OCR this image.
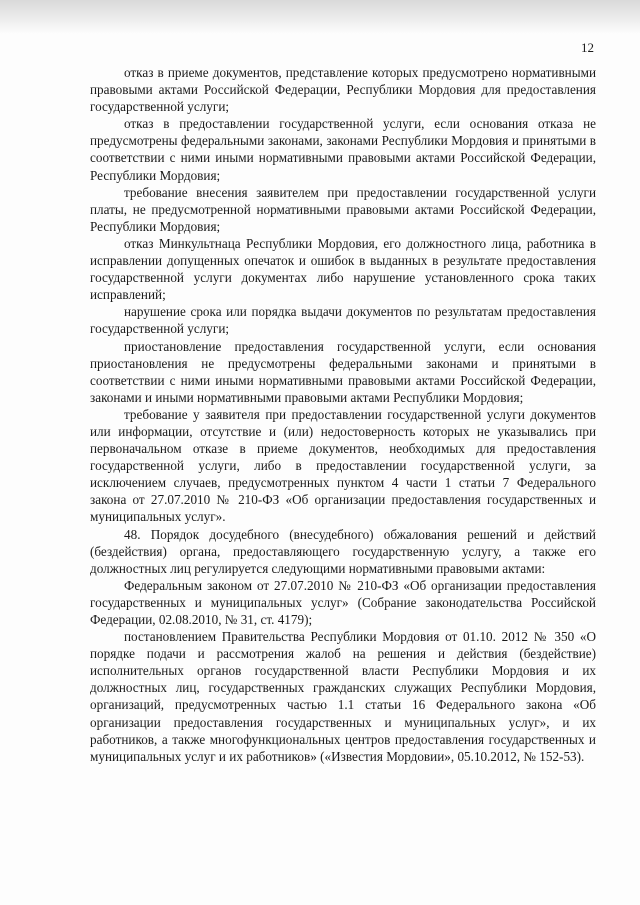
12

отказ в приеме документов, представление которых предусмотрено нормативными правовыми актами Российской Федерации, Республики Мордовия для предоставления государственной услуги;

отказ в предоставлении государственной услуги, если основания отказа не предусмотрены федеральными законами, законами Республики Мордовия и принятыми в соответствии с ними иными нормативными правовыми актами Российской Федерации, Республики Мордовия;

требование внесения заявителем при предоставлении государственной услуги платы, не предусмотренной нормативными правовыми актами Российской Федерации, Республики Мордовия;

отказ Минкультнаца Республики Мордовия, его должностного лица, работника в исправлении допущенных опечаток и ошибок в выданных в результате предоставления государственной услуги документах либо нарушение установленного срока таких исправлений;

нарушение срока или порядка выдачи документов по результатам предоставления государственной услуги;

приостановление предоставления государственной услуги, если основания приостановления не предусмотрены федеральными законами и принятыми в соответствии с ними иными нормативными правовыми актами Российской Федерации, законами и иными нормативными правовыми актами Республики Мордовия;

требование у заявителя при предоставлении государственной услуги документов или информации, отсутствие и (или) недостоверность которых не указывались при первоначальном отказе в приеме документов, необходимых для предоставления государственной услуги, либо в предоставлении государственной услуги, за исключением случаев, предусмотренных пунктом 4 части 1 статьи 7 Федерального закона от 27.07.2010 № 210-ФЗ «Об организации предоставления государственных и муниципальных услуг».

48. Порядок досудебного (внесудебного) обжалования решений и действий (бездействия) органа, предоставляющего государственную услугу, а также его должностных лиц регулируется следующими нормативными правовыми актами:

Федеральным законом от 27.07.2010 № 210-ФЗ «Об организации предоставления государственных и муниципальных услуг» (Собрание законодательства Российской Федерации, 02.08.2010, № 31, ст. 4179);

постановлением Правительства Республики Мордовия от 01.10. 2012 № 350 «О порядке подачи и рассмотрения жалоб на решения и действия (бездействие) исполнительных органов государственной власти Республики Мордовия и их должностных лиц, государственных гражданских служащих Республики Мордовия, организаций, предусмотренных частью 1.1 статьи 16 Федерального закона «Об организации предоставления государственных и муниципальных услуг», и их работников, а также многофункциональных центров предоставления государственных и муниципальных услуг и их работников» («Известия Мордовии», 05.10.2012, № 152-53).
